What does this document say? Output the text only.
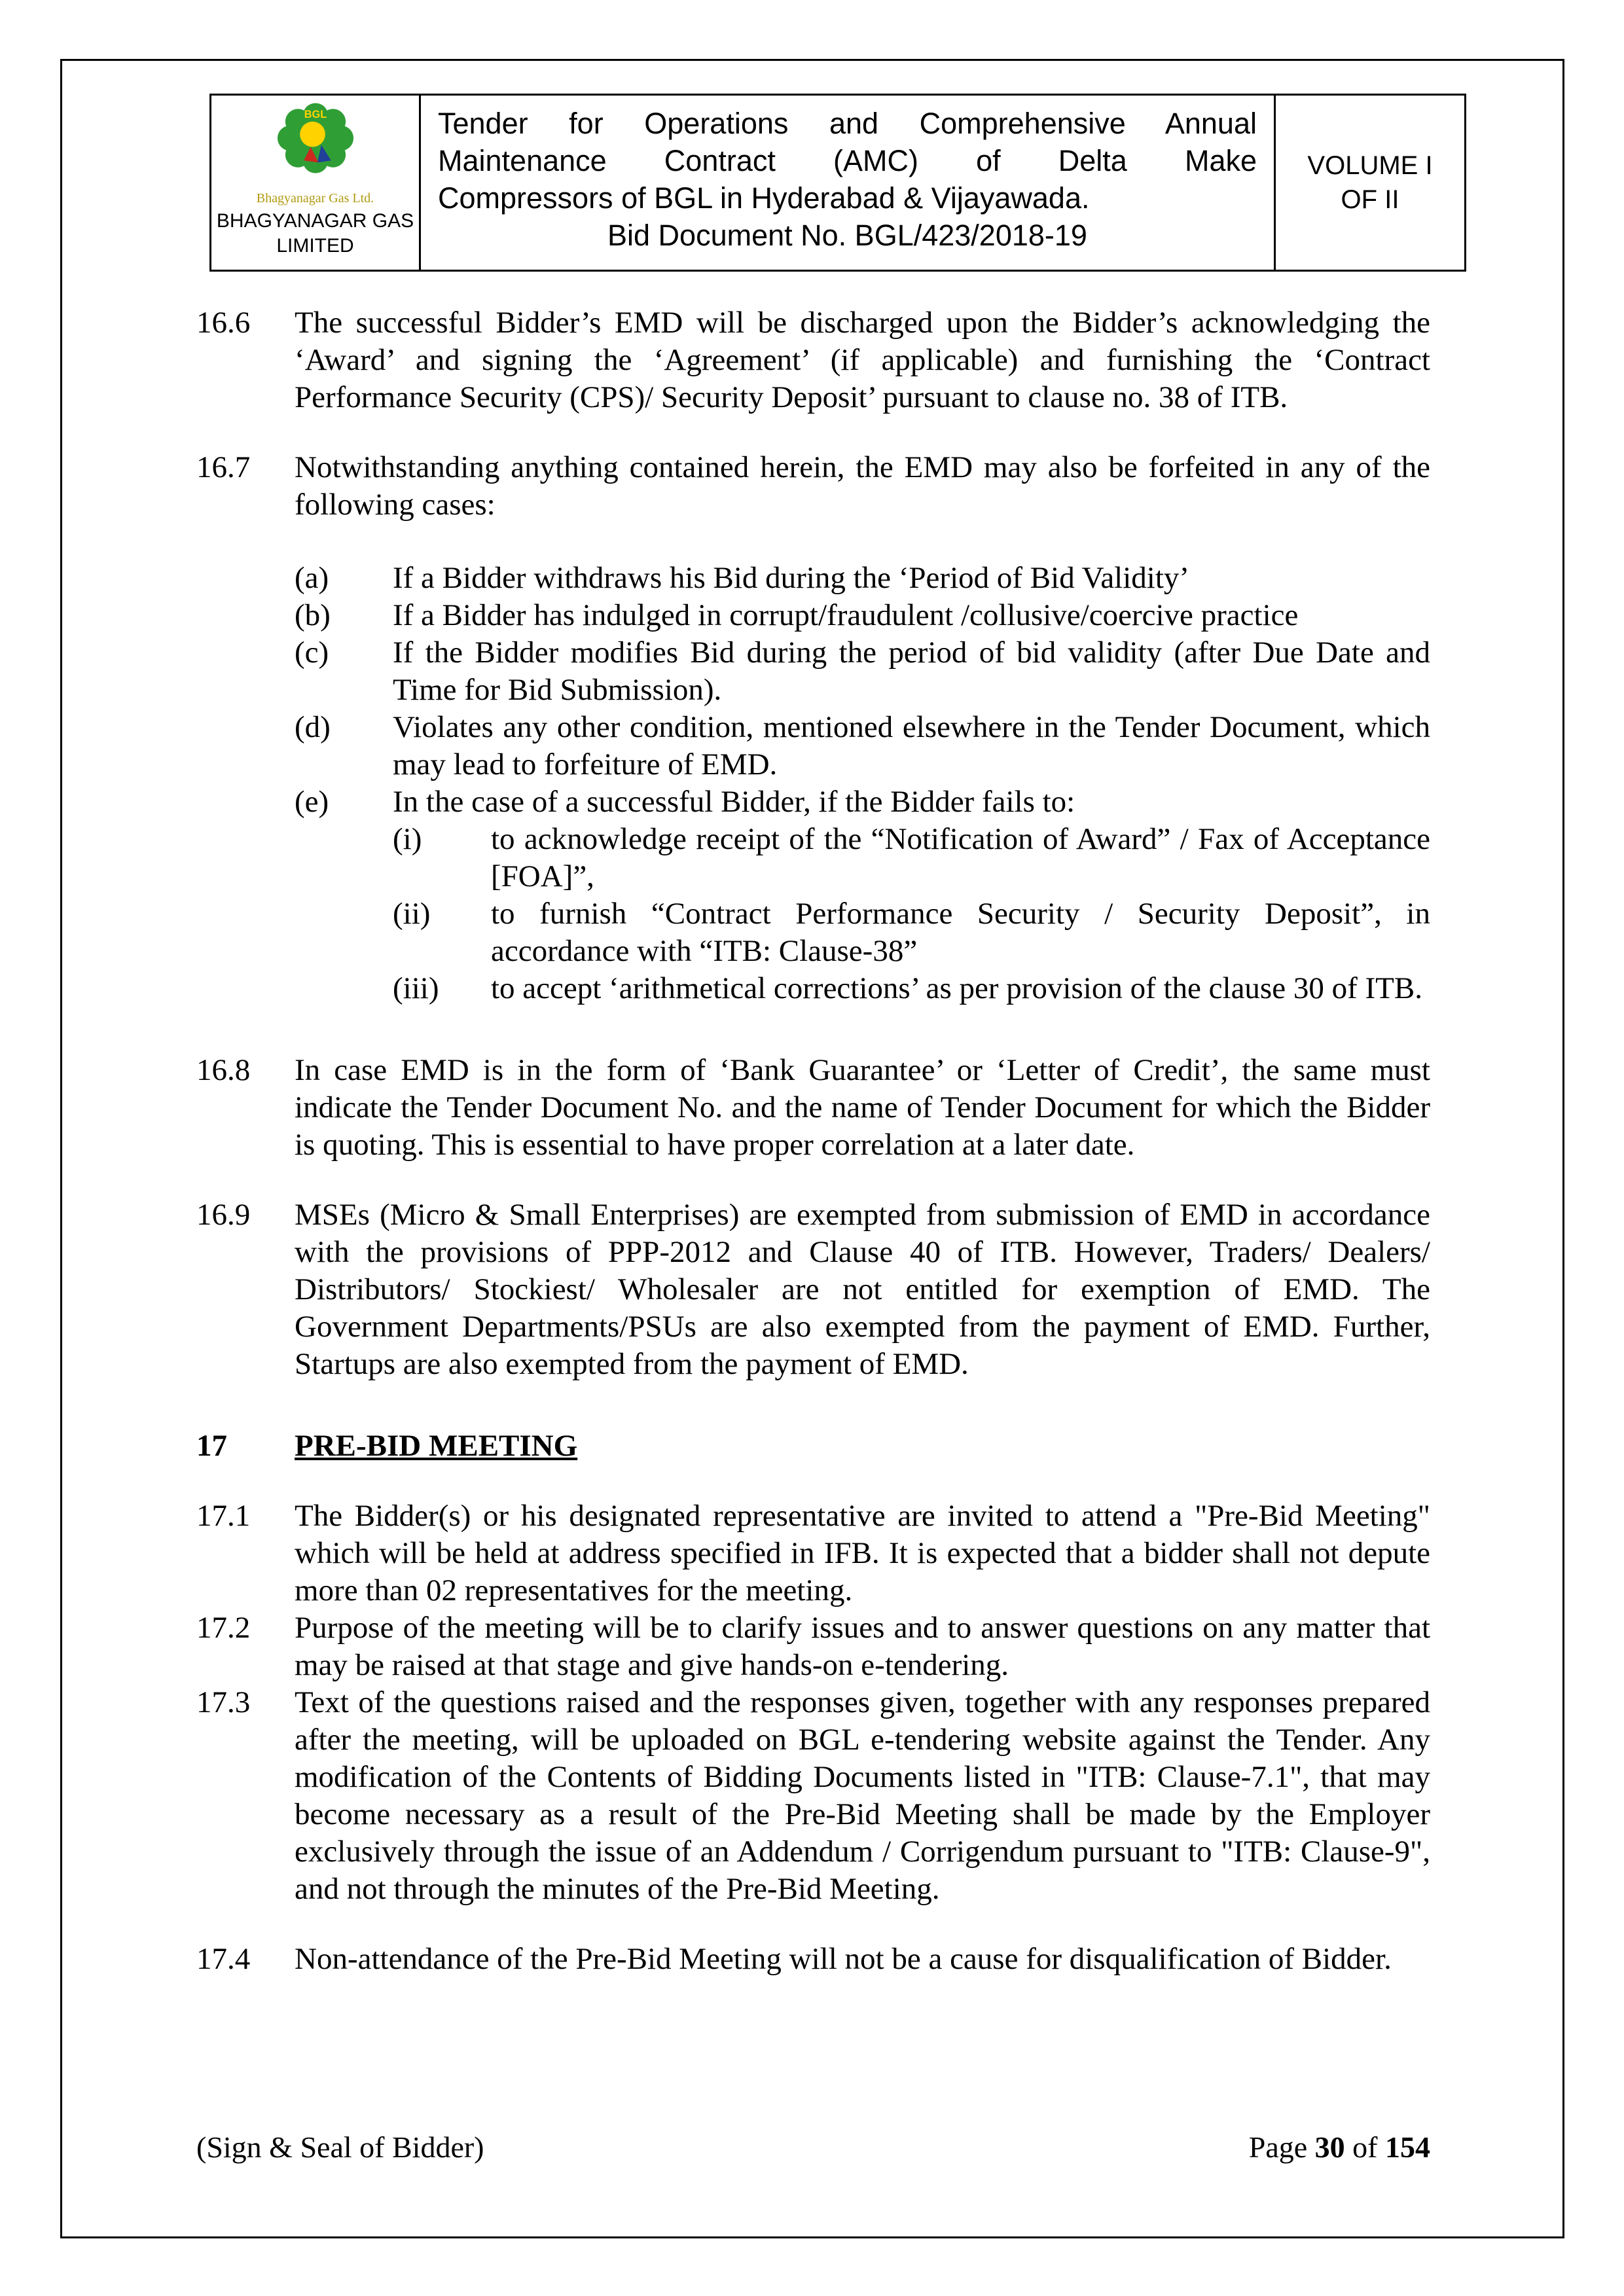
BGL
Bhagyanagar Gas Ltd.
BHAGYANAGAR GAS LIMITED
Tender for Operations and Comprehensive Annual
Maintenance Contract (AMC) of Delta Make
Compressors of BGL in Hyderabad & Vijayawada.
Bid Document No. BGL/423/2018-19
VOLUME I
OF II
16.6	The successful Bidder’s EMD will be discharged upon the Bidder’s acknowledging the ‘Award’ and signing the ‘Agreement’ (if applicable) and furnishing the ‘Contract Performance Security (CPS)/ Security Deposit’ pursuant to clause no. 38 of ITB.
16.7	Notwithstanding anything contained herein, the EMD may also be forfeited in any of the following cases:
(a)	If a Bidder withdraws his Bid during the ‘Period of Bid Validity’
(b)	If a Bidder has indulged in corrupt/fraudulent /collusive/coercive practice
(c)	If the Bidder modifies Bid during the period of bid validity (after Due Date and Time for Bid Submission).
(d)	Violates any other condition, mentioned elsewhere in the Tender Document, which may lead to forfeiture of EMD.
(e)	In the case of a successful Bidder, if the Bidder fails to:
(i)	to acknowledge receipt of the “Notification of Award” / Fax of Acceptance [FOA]”,
(ii)	to furnish “Contract Performance Security / Security Deposit”, in accordance with “ITB: Clause-38”
(iii)	to accept ‘arithmetical corrections’ as per provision of the clause 30 of ITB.
16.8	In case EMD is in the form of ‘Bank Guarantee’ or ‘Letter of Credit’, the same must indicate the Tender Document No. and the name of Tender Document for which the Bidder is quoting. This is essential to have proper correlation at a later date.
16.9	MSEs (Micro & Small Enterprises) are exempted from submission of EMD in accordance with the provisions of PPP-2012 and Clause 40 of ITB. However, Traders/ Dealers/ Distributors/ Stockiest/ Wholesaler are not entitled for exemption of EMD. The Government Departments/PSUs are also exempted from the payment of EMD. Further, Startups are also exempted from the payment of EMD.
17	PRE-BID MEETING
17.1	The Bidder(s) or his designated representative are invited to attend a "Pre-Bid Meeting" which will be held at address specified in IFB. It is expected that a bidder shall not depute more than 02 representatives for the meeting.
17.2	Purpose of the meeting will be to clarify issues and to answer questions on any matter that may be raised at that stage and give hands-on e-tendering.
17.3	Text of the questions raised and the responses given, together with any responses prepared after the meeting, will be uploaded on BGL e-tendering website against the Tender. Any modification of the Contents of Bidding Documents listed in "ITB: Clause-7.1", that may become necessary as a result of the Pre-Bid Meeting shall be made by the Employer exclusively through the issue of an Addendum / Corrigendum pursuant to "ITB: Clause-9", and not through the minutes of the Pre-Bid Meeting.
17.4	Non-attendance of the Pre-Bid Meeting will not be a cause for disqualification of Bidder.
(Sign & Seal of Bidder)	Page 30 of 154
